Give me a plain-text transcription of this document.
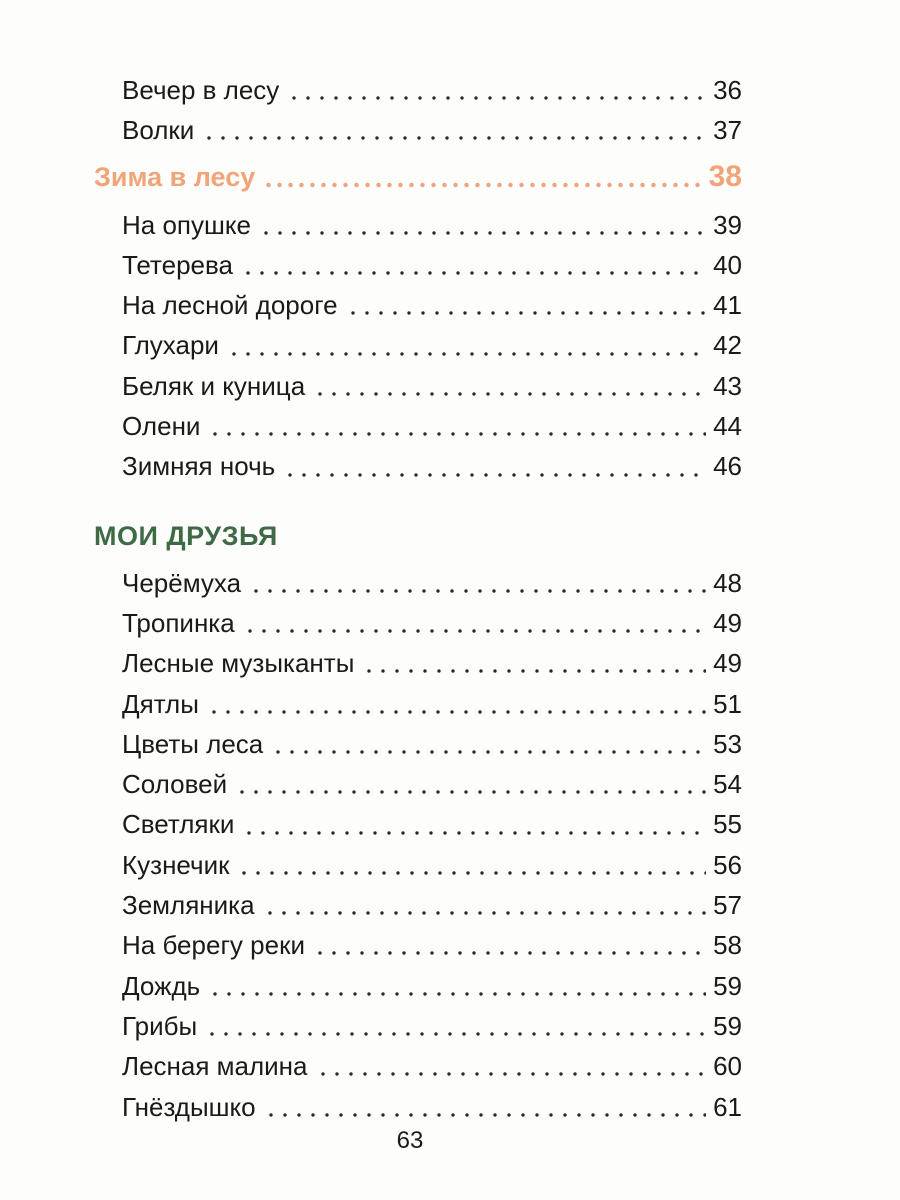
Вечер в лесу	36
Волки	37
Зима в лесу	38
На опушке	39
Тетерева	40
На лесной дороге	41
Глухари	42
Беляк и куница	43
Олени	44
Зимняя ночь	46
МОИ ДРУЗЬЯ
Черёмуха	48
Тропинка	49
Лесные музыканты	49
Дятлы	51
Цветы леса	53
Соловей	54
Светляки	55
Кузнечик	56
Земляника	57
На берегу реки	58
Дождь	59
Грибы	59
Лесная малина	60
Гнёздышко	61
63
